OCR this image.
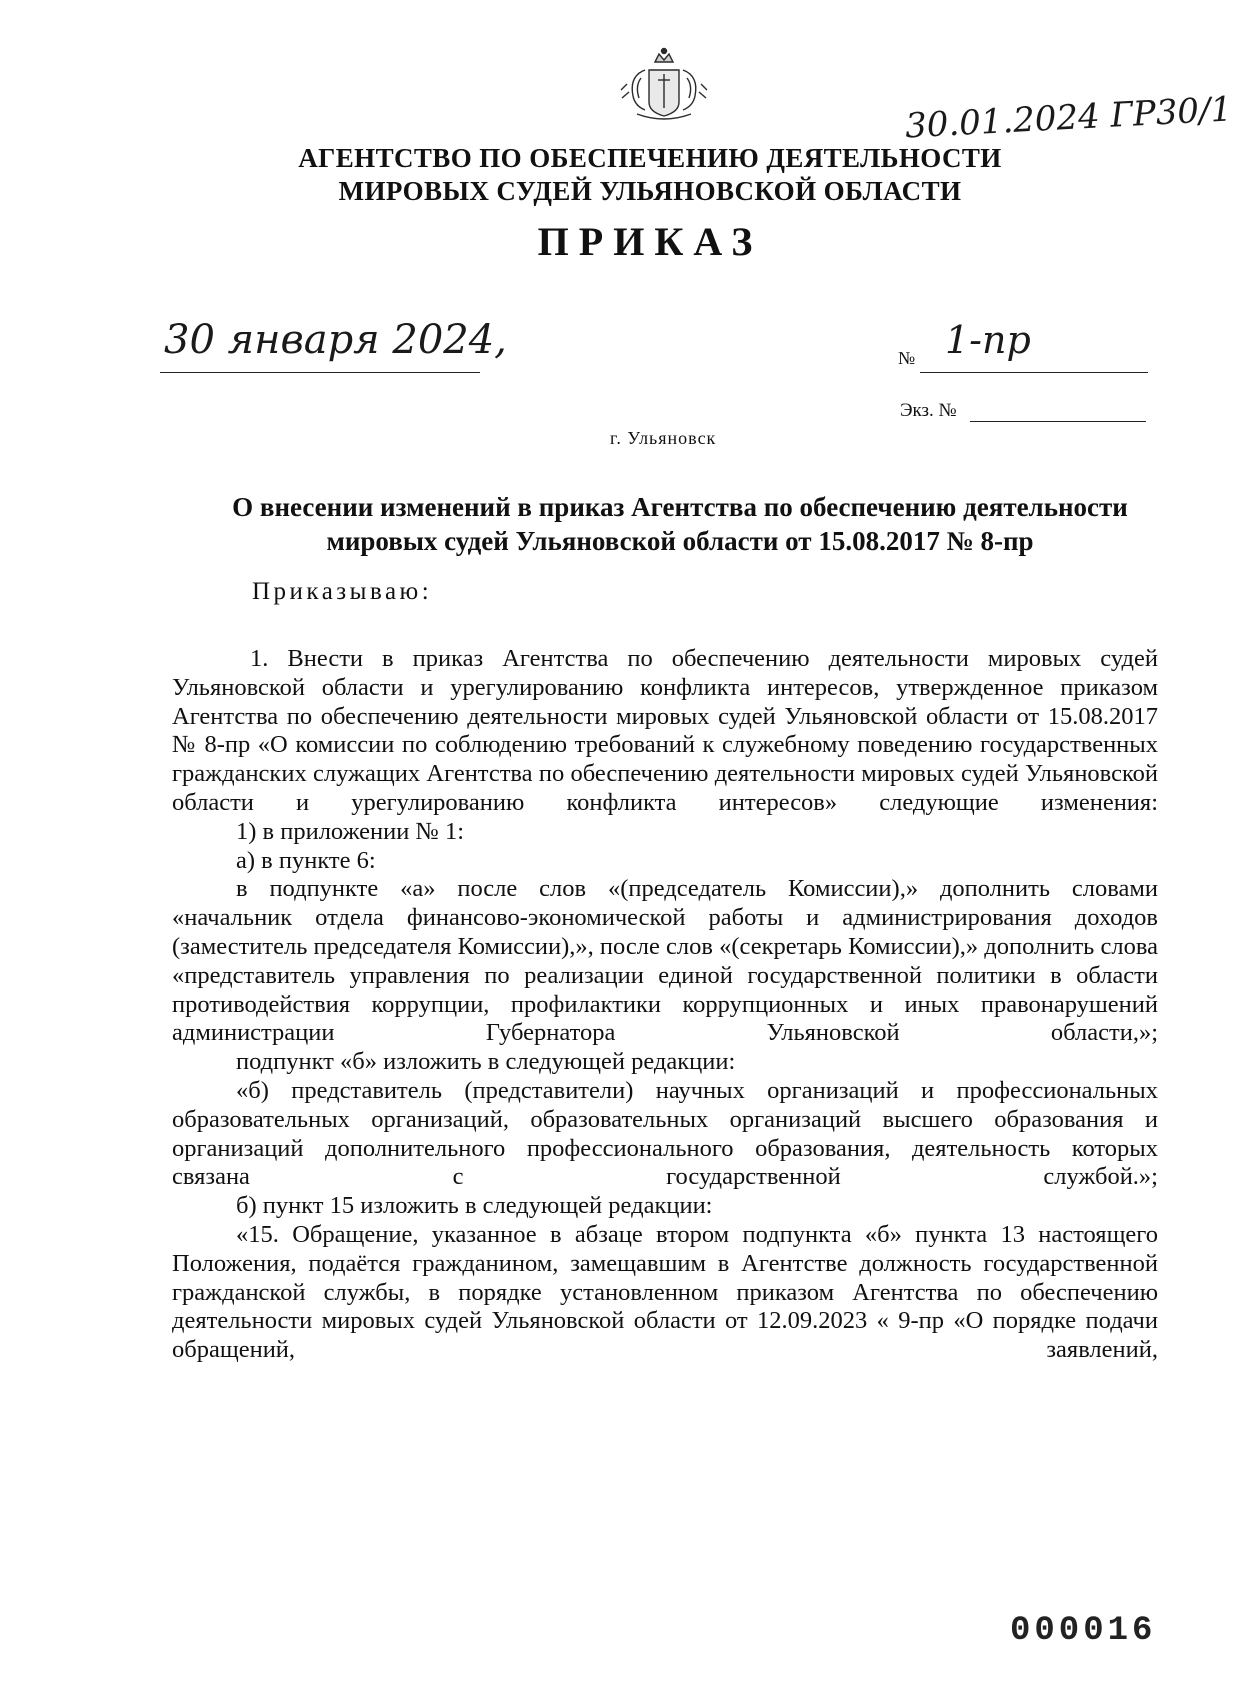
30.01.2024 ГР30/1
АГЕНТСТВО ПО ОБЕСПЕЧЕНИЮ ДЕЯТЕЛЬНОСТИ
МИРОВЫХ СУДЕЙ УЛЬЯНОВСКОЙ ОБЛАСТИ
ПРИКАЗ
30 января 2024,	№ 1-пр
Экз. №
г. Ульяновск
О внесении изменений в приказ Агентства по обеспечению деятельности
мировых судей Ульяновской области от 15.08.2017 № 8-пр
Приказываю:

1. Внести в приказ Агентства по обеспечению деятельности мировых судей Ульяновской области и урегулированию конфликта интересов, утвержденное приказом Агентства по обеспечению деятельности мировых судей Ульяновской области от 15.08.2017 № 8-пр «О комиссии по соблюдению требований к служебному поведению государственных гражданских служащих Агентства по обеспечению деятельности мировых судей Ульяновской области и урегулированию конфликта интересов» следующие изменения:

1) в приложении № 1:

а) в пункте 6:

в подпункте «а» после слов «(председатель Комиссии),» дополнить словами «начальник отдела финансово-экономической работы и администрирования доходов (заместитель председателя Комиссии),», после слов «(секретарь Комиссии),» дополнить слова «представитель управления по реализации единой государственной политики в области противодействия коррупции, профилактики коррупционных и иных правонарушений администрации Губернатора Ульяновской области,»;

подпункт «б» изложить в следующей редакции:

«б) представитель (представители) научных организаций и профессиональных образовательных организаций, образовательных организаций высшего образования и организаций дополнительного профессионального образования, деятельность которых связана с государственной службой.»;

б) пункт 15 изложить в следующей редакции:

«15. Обращение, указанное в абзаце втором подпункта «б» пункта 13 настоящего Положения, подаётся гражданином, замещавшим в Агентстве должность государственной гражданской службы, в порядке установленном приказом Агентства по обеспечению деятельности мировых судей Ульяновской области от 12.09.2023 « 9-пр «О порядке подачи обращений, заявлений,

000016
